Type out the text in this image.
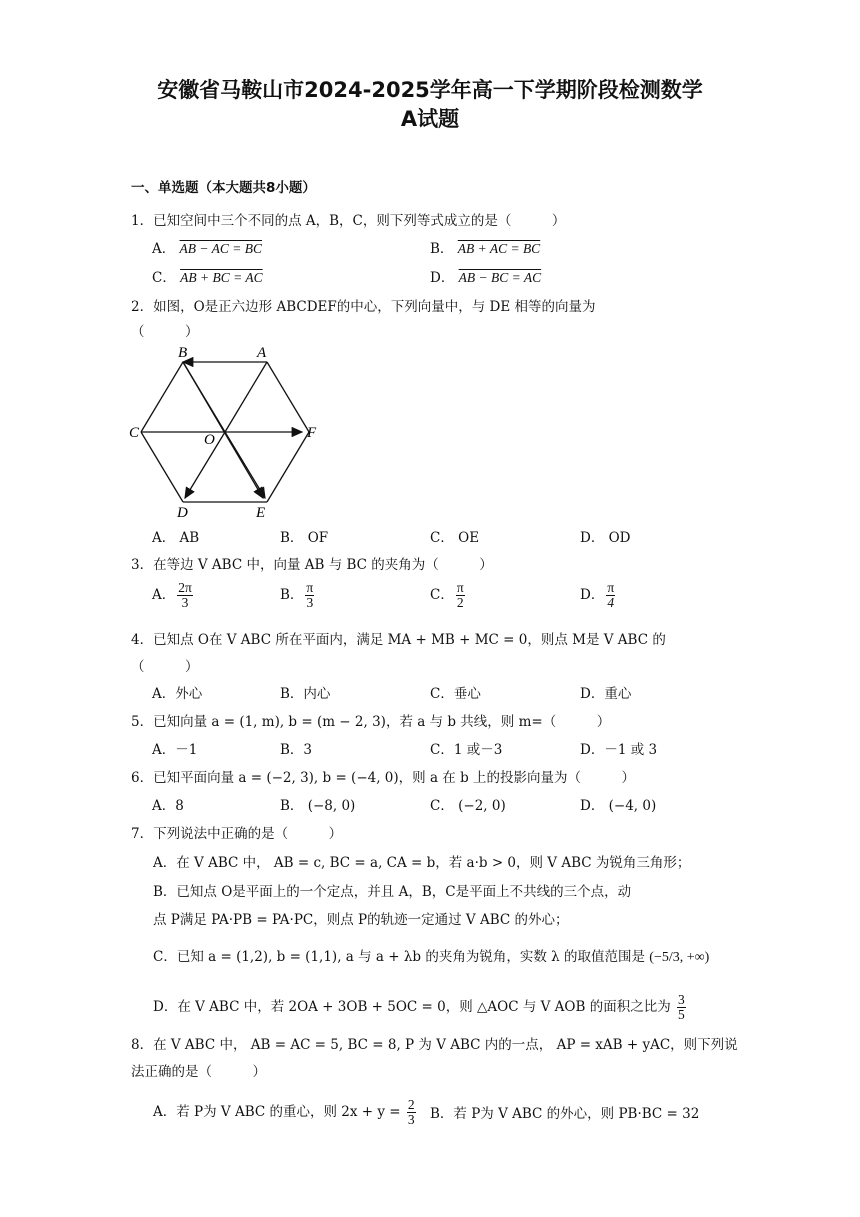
安徽省马鞍山市2024-2025学年高一下学期阶段检测数学
A试题
一、单选题（本大题共8小题）
1．已知空间中三个不同的点 A，B，C，则下列等式成立的是（　　　）
A． AB − AC = BC	B． AB + AC = BC
C． AB + BC = AC	D． AB − BC = AC
2．如图，O是正六边形 ABCDEF的中心，下列向量中，与 DE 相等的向量为
（　　　）
B	A
C	O	F
D	E
A． AB	B． OF	C． OE	D． OD
3．在等边 V ABC 中，向量 AB 与 BC 的夹角为（　　　）
A． $\frac{2\pi}{3}$	B． $\frac{\pi}{3}$	C． $\frac{\pi}{2}$	D． $\frac{\pi}{4}$
4．已知点 O在 V ABC 所在平面内，满足 MA + MB + MC = 0，则点 M是 V ABC 的
（　　　）
A．外心	B．内心	C．垂心	D．重心
5．已知向量 a = (1, m), b = (m − 2, 3)，若 a 与 b 共线，则 m=（　　　）
A．－1	B．3	C．1 或－3	D．－1 或 3
6．已知平面向量 a = (−2, 3), b = (−4, 0)，则 a 在 b 上的投影向量为（　　　）
A．8	B． (−8, 0)	C． (−2, 0)	D． (−4, 0)
7．下列说法中正确的是（　　　）
A．在 V ABC 中， AB = c, BC = a, CA = b，若 a·b > 0，则 V ABC 为锐角三角形；
B．已知点 O是平面上的一个定点，并且 A，B，C是平面上不共线的三个点，动
点 P满足 PA·PB = PA·PC，则点 P的轨迹一定通过 V ABC 的外心；
C．已知 a = (1,2), b = (1,1), a 与 a + λb 的夹角为锐角，实数 λ 的取值范围是 (−5/3, +∞)
D．在 V ABC 中，若 2OA + 3OB + 5OC = 0，则 △AOC 与 V AOB 的面积之比为 $\frac{3}{5}$
8．在 V ABC 中， AB = AC = 5, BC = 8, P 为 V ABC 内的一点， AP = xAB + yAC，则下列说
法正确的是（　　　）
A．若 P为 V ABC 的重心，则 $2x + y = \frac{2}{3}$ B．若 P为 V ABC 的外心，则 PB·BC = 32
